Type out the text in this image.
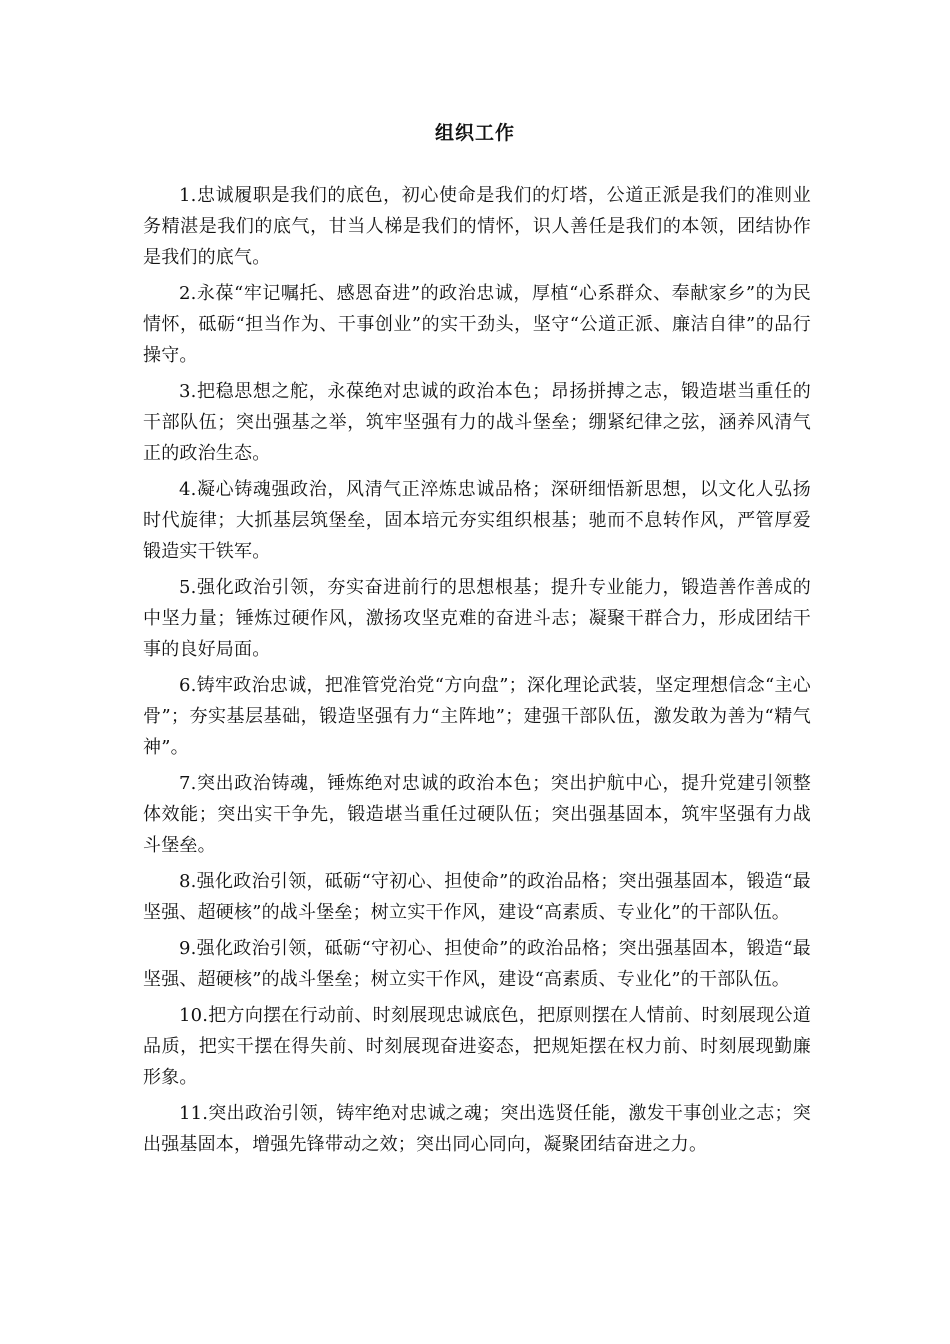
组织工作

1.忠诚履职是我们的底色，初心使命是我们的灯塔，公道正派是我们的准则业务精湛是我们的底气，甘当人梯是我们的情怀，识人善任是我们的本领，团结协作是我们的底气。

2.永葆“牢记嘱托、感恩奋进”的政治忠诚，厚植“心系群众、奉献家乡”的为民情怀，砥砺“担当作为、干事创业”的实干劲头，坚守“公道正派、廉洁自律”的品行操守。

3.把稳思想之舵，永葆绝对忠诚的政治本色；昂扬拼搏之志，锻造堪当重任的干部队伍；突出强基之举，筑牢坚强有力的战斗堡垒；绷紧纪律之弦，涵养风清气正的政治生态。

4.凝心铸魂强政治，风清气正淬炼忠诚品格；深研细悟新思想，以文化人弘扬时代旋律；大抓基层筑堡垒，固本培元夯实组织根基；驰而不息转作风，严管厚爱锻造实干铁军。

5.强化政治引领，夯实奋进前行的思想根基；提升专业能力，锻造善作善成的中坚力量；锤炼过硬作风，激扬攻坚克难的奋进斗志；凝聚干群合力，形成团结干事的良好局面。

6.铸牢政治忠诚，把准管党治党“方向盘”；深化理论武装，坚定理想信念“主心骨”；夯实基层基础，锻造坚强有力“主阵地”；建强干部队伍，激发敢为善为“精气神”。

7.突出政治铸魂，锤炼绝对忠诚的政治本色；突出护航中心，提升党建引领整体效能；突出实干争先，锻造堪当重任过硬队伍；突出强基固本，筑牢坚强有力战斗堡垒。

8.强化政治引领，砥砺“守初心、担使命”的政治品格；突出强基固本，锻造“最坚强、超硬核”的战斗堡垒；树立实干作风，建设“高素质、专业化”的干部队伍。

9.强化政治引领，砥砺“守初心、担使命”的政治品格；突出强基固本，锻造“最坚强、超硬核”的战斗堡垒；树立实干作风，建设“高素质、专业化”的干部队伍。

10.把方向摆在行动前、时刻展现忠诚底色，把原则摆在人情前、时刻展现公道品质，把实干摆在得失前、时刻展现奋进姿态，把规矩摆在权力前、时刻展现勤廉形象。

11.突出政治引领，铸牢绝对忠诚之魂；突出选贤任能，激发干事创业之志；突出强基固本，增强先锋带动之效；突出同心同向，凝聚团结奋进之力。
